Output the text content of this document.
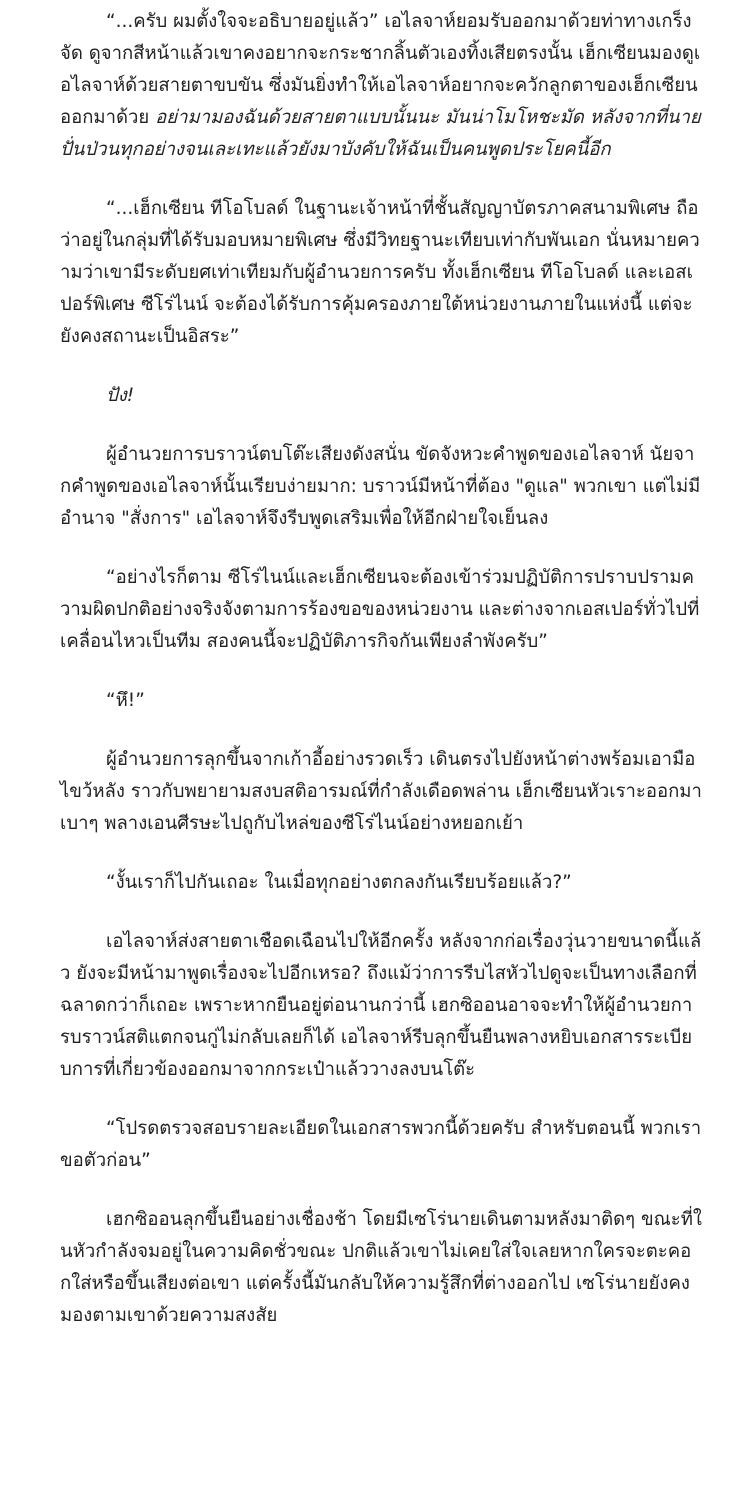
“...ครับ ผมตั้งใจจะอธิบายอยู่แล้ว” เอไลจาห์ยอมรับออกมาด้วยท่าทางเกร็งจัด ดูจากสีหน้าแล้วเขาคงอยากจะกระชากลิ้นตัวเองทิ้งเสียตรงนั้น เฮ็กเซียนมองดูเอไลจาห์ด้วยสายตาขบขัน ซึ่งมันยิ่งทำให้เอไลจาห์อยากจะควักลูกตาของเฮ็กเซียนออกมาด้วย อย่ามามองฉันด้วยสายตาแบบนั้นนะ มันน่าโมโหชะมัด หลังจากที่นายปั่นป่วนทุกอย่างจนเละเทะแล้วยังมาบังคับให้ฉันเป็นคนพูดประโยคนี้อีก

“...เฮ็กเซียน ทีโอโบลด์ ในฐานะเจ้าหน้าที่ชั้นสัญญาบัตรภาคสนามพิเศษ ถือว่าอยู่ในกลุ่มที่ได้รับมอบหมายพิเศษ ซึ่งมีวิทยฐานะเทียบเท่ากับพันเอก นั่นหมายความว่าเขามีระดับยศเท่าเทียมกับผู้อำนวยการครับ ทั้งเฮ็กเซียน ทีโอโบลด์ และเอสเปอร์พิเศษ ซีโร่ไนน์ จะต้องได้รับการคุ้มครองภายใต้หน่วยงานภายในแห่งนี้ แต่จะยังคงสถานะเป็นอิสระ”

ปัง!

ผู้อำนวยการบราวน์ตบโต๊ะเสียงดังสนั่น ขัดจังหวะคำพูดของเอไลจาห์ นัยจากคำพูดของเอไลจาห์นั้นเรียบง่ายมาก: บราวน์มีหน้าที่ต้อง "ดูแล" พวกเขา แต่ไม่มีอำนาจ "สั่งการ" เอไลจาห์จึงรีบพูดเสริมเพื่อให้อีกฝ่ายใจเย็นลง

“อย่างไรก็ตาม ซีโร่ไนน์และเฮ็กเซียนจะต้องเข้าร่วมปฏิบัติการปราบปรามความผิดปกติอย่างจริงจังตามการร้องขอของหน่วยงาน และต่างจากเอสเปอร์ทั่วไปที่เคลื่อนไหวเป็นทีม สองคนนี้จะปฏิบัติภารกิจกันเพียงลำพังครับ”

“หึ!”

ผู้อำนวยการลุกขึ้นจากเก้าอี้อย่างรวดเร็ว เดินตรงไปยังหน้าต่างพร้อมเอามือไขว้หลัง ราวกับพยายามสงบสติอารมณ์ที่กำลังเดือดพล่าน เฮ็กเซียนหัวเราะออกมาเบาๆ พลางเอนศีรษะไปถูกับไหล่ของซีโร่ไนน์อย่างหยอกเย้า

“งั้นเราก็ไปกันเถอะ ในเมื่อทุกอย่างตกลงกันเรียบร้อยแล้ว?”

เอไลจาห์ส่งสายตาเชือดเฉือนไปให้อีกครั้ง หลังจากก่อเรื่องวุ่นวายขนาดนี้แล้ว ยังจะมีหน้ามาพูดเรื่องจะไปอีกเหรอ? ถึงแม้ว่าการรีบไสหัวไปดูจะเป็นทางเลือกที่ฉลาดกว่าก็เถอะ เพราะหากยืนอยู่ต่อนานกว่านี้ เฮกซิออนอาจจะทำให้ผู้อำนวยการบราวน์สติแตกจนกู่ไม่กลับเลยก็ได้ เอไลจาห์รีบลุกขึ้นยืนพลางหยิบเอกสารระเบียบการที่เกี่ยวข้องออกมาจากกระเป๋าแล้ววางลงบนโต๊ะ

“โปรดตรวจสอบรายละเอียดในเอกสารพวกนี้ด้วยครับ สำหรับตอนนี้ พวกเราขอตัวก่อน”

เฮกซิออนลุกขึ้นยืนอย่างเชื่องช้า โดยมีเซโร่นายเดินตามหลังมาติดๆ ขณะที่ในหัวกำลังจมอยู่ในความคิดชั่วขณะ ปกติแล้วเขาไม่เคยใส่ใจเลยหากใครจะตะคอกใส่หรือขึ้นเสียงต่อเขา แต่ครั้งนี้มันกลับให้ความรู้สึกที่ต่างออกไป เซโร่นายยังคงมองตามเขาด้วยความสงสัย
